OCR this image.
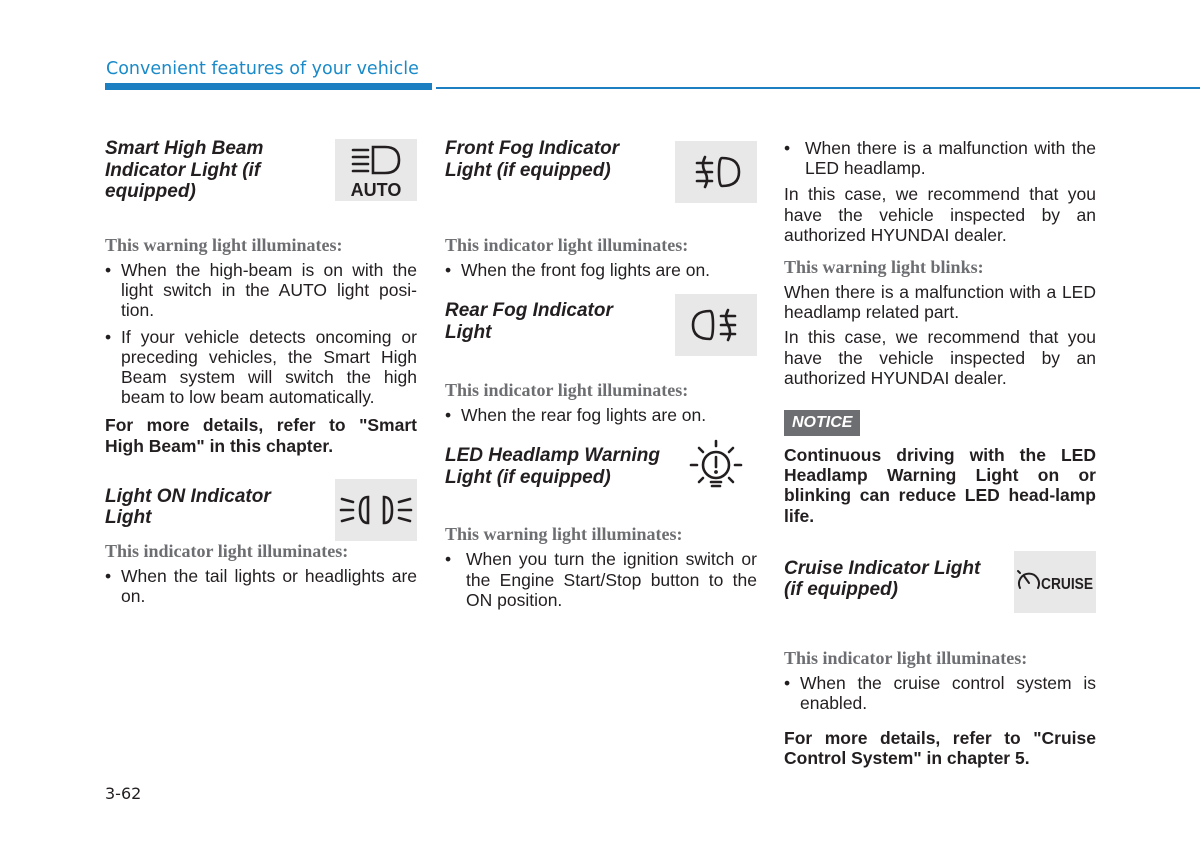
Convenient features of your vehicle

Smart High Beam Indicator Light (if equipped)	AUTO

This warning light illuminates:

• When the high-beam is on with the light switch in the AUTO light posi-tion.
• If your vehicle detects oncoming or preceding vehicles, the Smart High Beam system will switch the high beam to low beam automatically.

For more details, refer to "Smart High Beam" in this chapter.

Light ON Indicator Light

This indicator light illuminates:

• When the tail lights or headlights are on.

Front Fog Indicator Light (if equipped)

This indicator light illuminates:

• When the front fog lights are on.

Rear Fog Indicator Light

This indicator light illuminates:

• When the rear fog lights are on.

LED Headlamp Warning Light (if equipped)

This warning light illuminates:

• When you turn the ignition switch or the Engine Start/Stop button to the ON position.
• When there is a malfunction with the LED headlamp.

In this case, we recommend that you have the vehicle inspected by an authorized HYUNDAI dealer.

This warning light blinks:

When there is a malfunction with a LED headlamp related part.

In this case, we recommend that you have the vehicle inspected by an authorized HYUNDAI dealer.

NOTICE

Continuous driving with the LED Headlamp Warning Light on or blinking can reduce LED head-lamp life.

Cruise Indicator Light (if equipped)	CRUISE

This indicator light illuminates:

• When the cruise control system is enabled.

For more details, refer to "Cruise Control System" in chapter 5.

3-62
